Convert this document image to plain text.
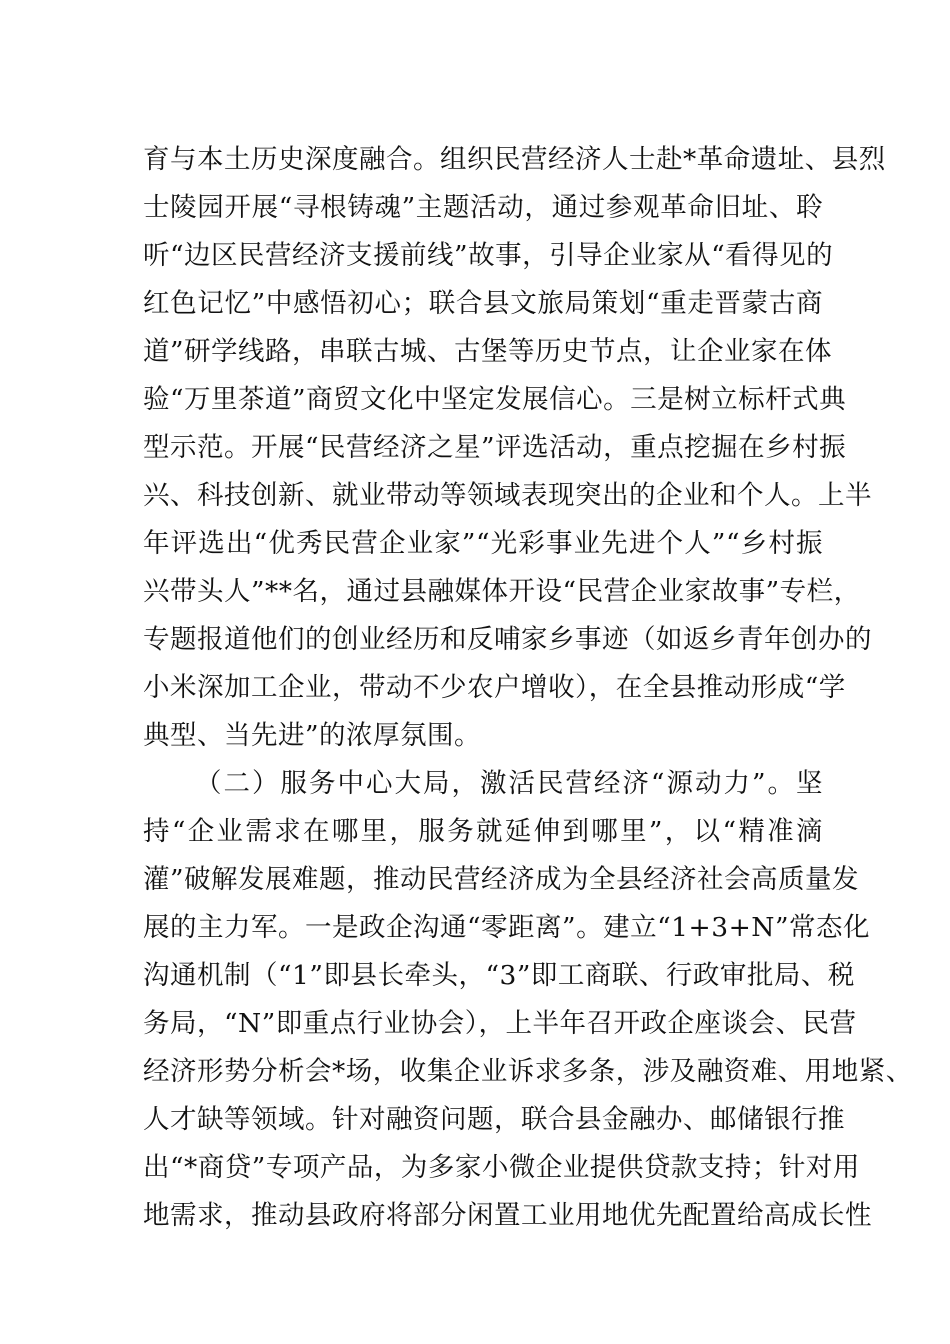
育与本土历史深度融合。组织民营经济人士赴*革命遗址、县烈
士陵园开展“寻根铸魂”主题活动，通过参观革命旧址、聆
听“边区民营经济支援前线”故事，引导企业家从“看得见的
红色记忆”中感悟初心；联合县文旅局策划“重走晋蒙古商
道”研学线路，串联古城、古堡等历史节点，让企业家在体
验“万里茶道”商贸文化中坚定发展信心。三是树立标杆式典
型示范。开展“民营经济之星”评选活动，重点挖掘在乡村振
兴、科技创新、就业带动等领域表现突出的企业和个人。上半
年评选出“优秀民营企业家”“光彩事业先进个人”“乡村振
兴带头人”**名，通过县融媒体开设“民营企业家故事”专栏，
专题报道他们的创业经历和反哺家乡事迹（如返乡青年创办的
小米深加工企业，带动不少农户增收），在全县推动形成“学
典型、当先进”的浓厚氛围。
（二）服务中心大局，激活民营经济“源动力”。坚
持“企业需求在哪里，服务就延伸到哪里”，以“精准滴
灌”破解发展难题，推动民营经济成为全县经济社会高质量发
展的主力军。一是政企沟通“零距离”。建立“1+3+N”常态化
沟通机制（“1”即县长牵头，“3”即工商联、行政审批局、税
务局，“N”即重点行业协会），上半年召开政企座谈会、民营
经济形势分析会*场，收集企业诉求多条，涉及融资难、用地紧、
人才缺等领域。针对融资问题，联合县金融办、邮储银行推
出“*商贷”专项产品，为多家小微企业提供贷款支持；针对用
地需求，推动县政府将部分闲置工业用地优先配置给高成长性
